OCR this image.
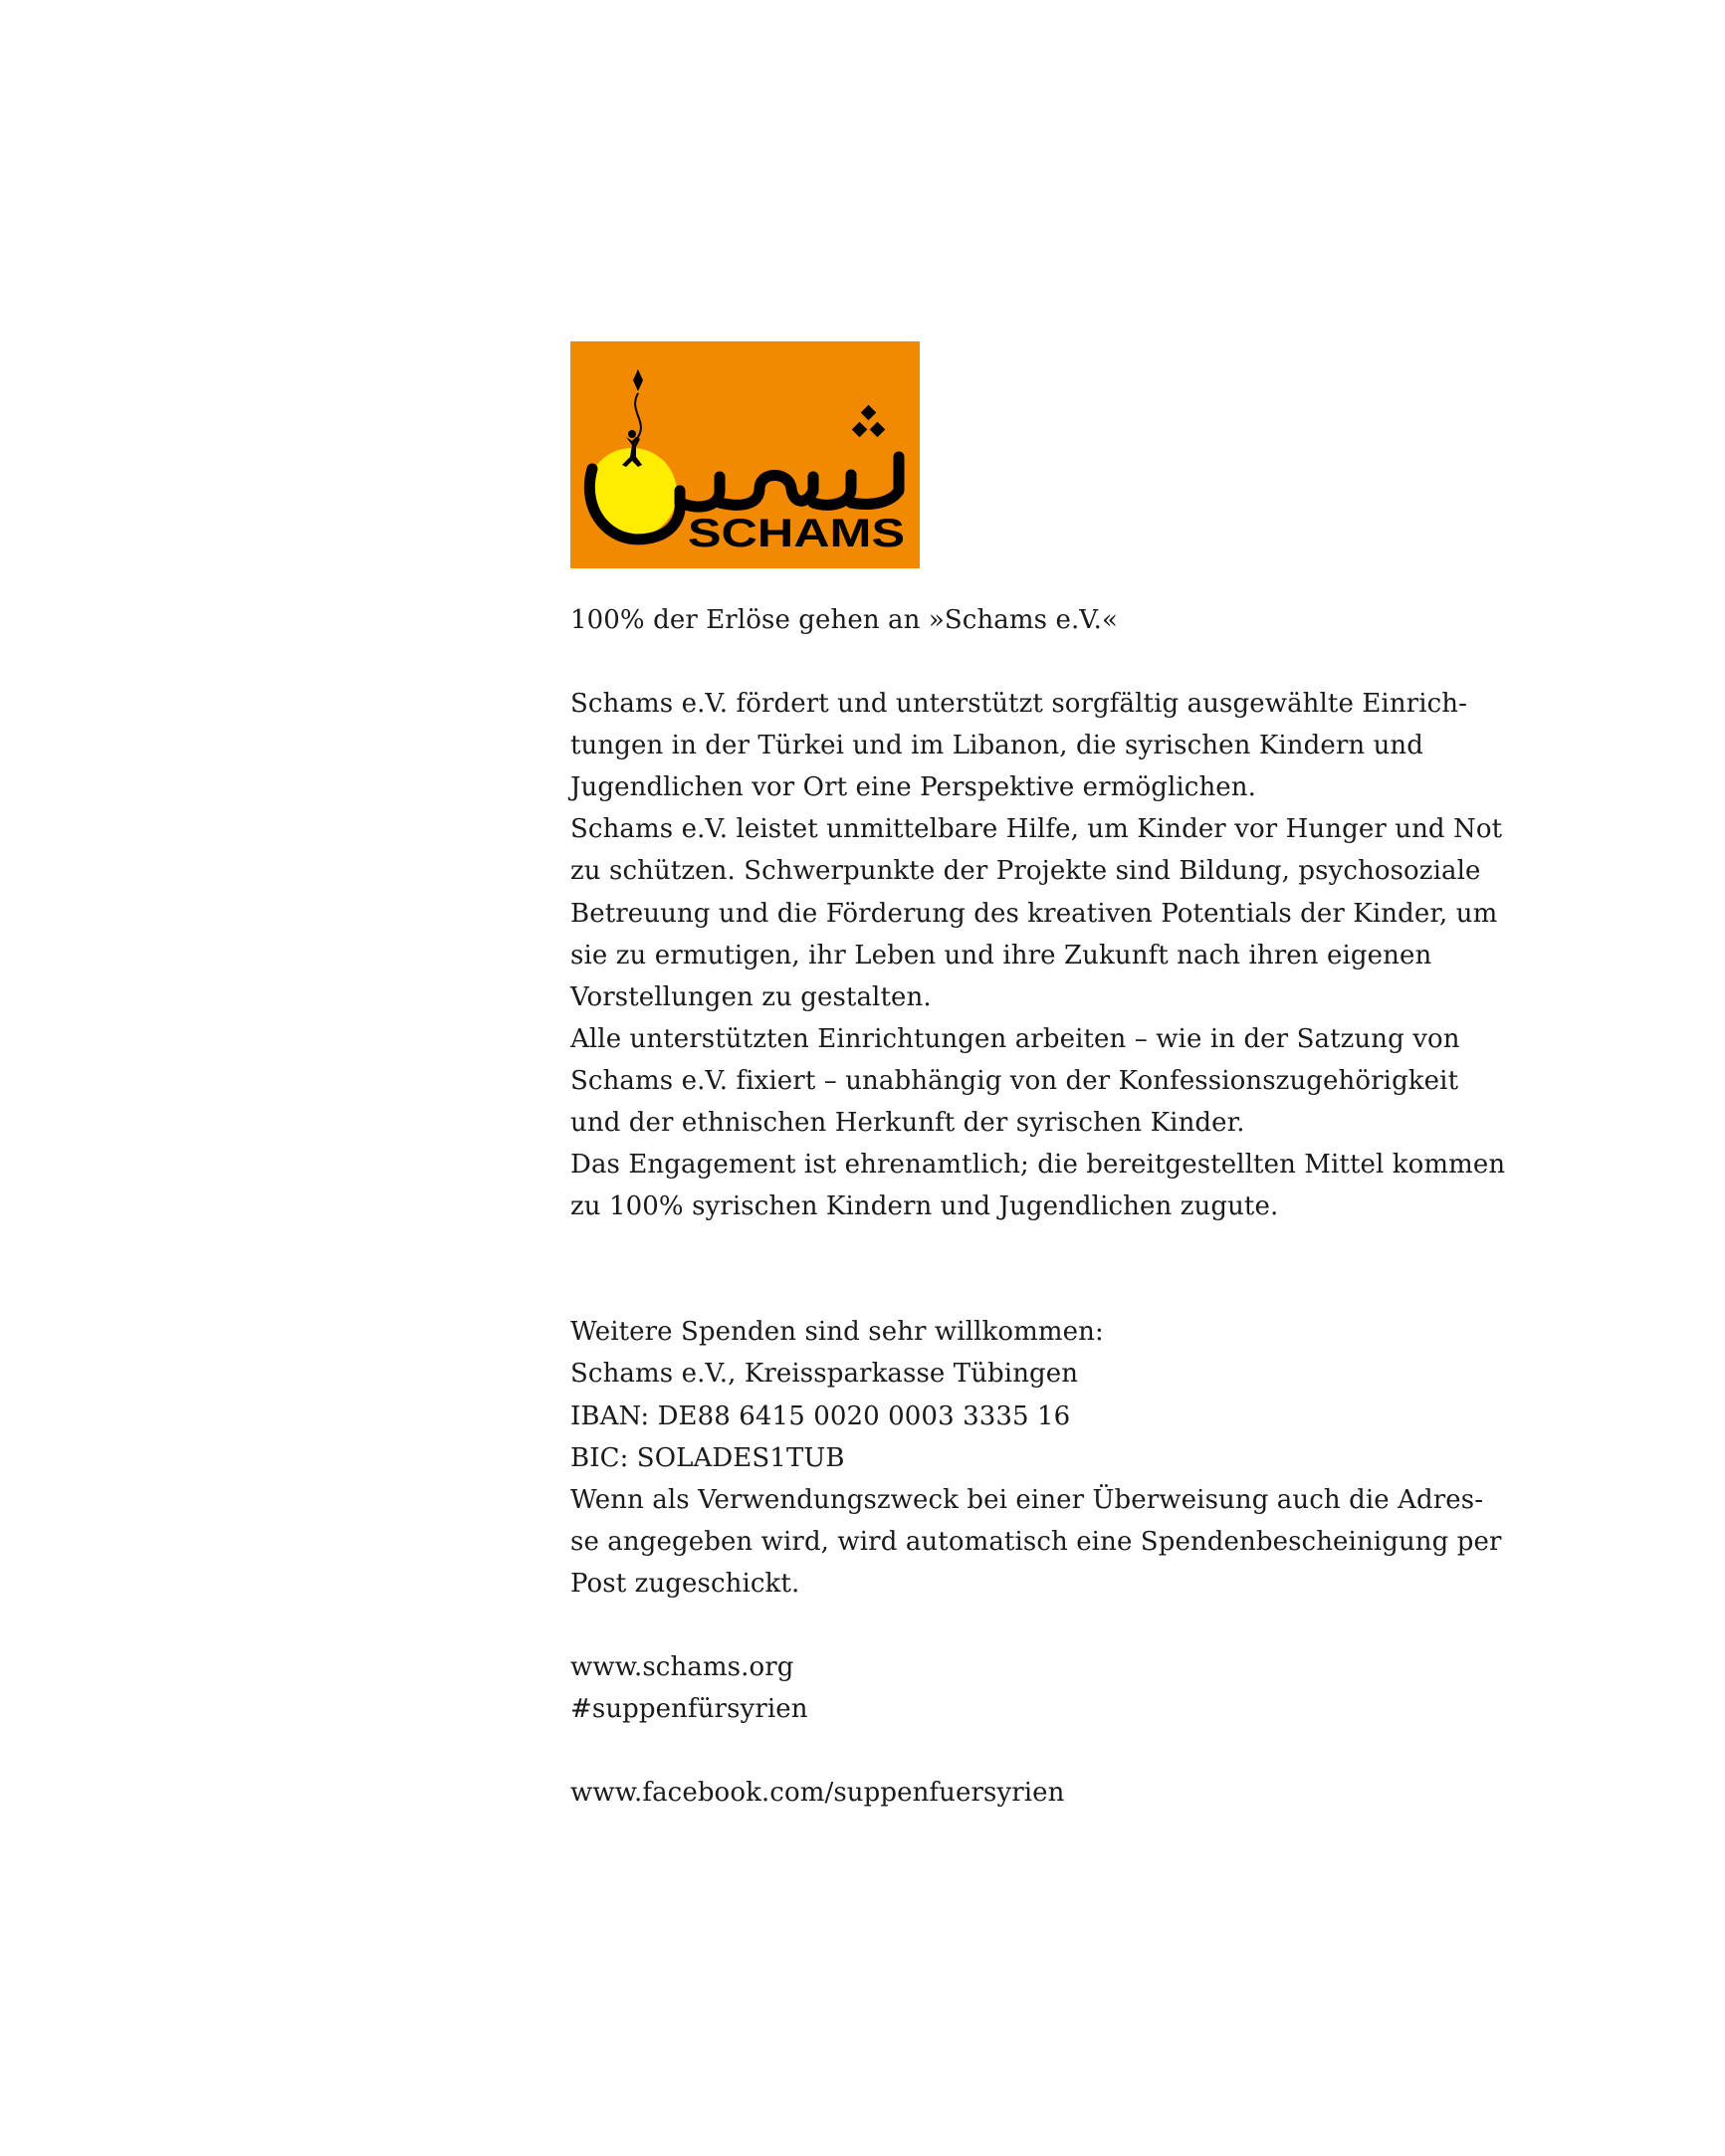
SCHAMS

100% der Erlöse gehen an »Schams e.V.«

Schams e.V. fördert und unterstützt sorgfältig ausgewählte Einrich-

tungen in der Türkei und im Libanon, die syrischen Kindern und

Jugendlichen vor Ort eine Perspektive ermöglichen.

Schams e.V. leistet unmittelbare Hilfe, um Kinder vor Hunger und Not

zu schützen. Schwerpunkte der Projekte sind Bildung, psychosoziale

Betreuung und die Förderung des kreativen Potentials der Kinder, um

sie zu ermutigen, ihr Leben und ihre Zukunft nach ihren eigenen

Vorstellungen zu gestalten.

Alle unterstützten Einrichtungen arbeiten – wie in der Satzung von

Schams e.V. fixiert – unabhängig von der Konfessionszugehörigkeit

und der ethnischen Herkunft der syrischen Kinder.

Das Engagement ist ehrenamtlich; die bereitgestellten Mittel kommen

zu 100% syrischen Kindern und Jugendlichen zugute.

Weitere Spenden sind sehr willkommen:

Schams e.V., Kreissparkasse Tübingen

IBAN: DE88 6415 0020 0003 3335 16

BIC: SOLADES1TUB

Wenn als Verwendungszweck bei einer Überweisung auch die Adres-

se angegeben wird, wird automatisch eine Spendenbescheinigung per

Post zugeschickt.

www.schams.org

#suppenfürsyrien

www.facebook.com/suppenfuersyrien
